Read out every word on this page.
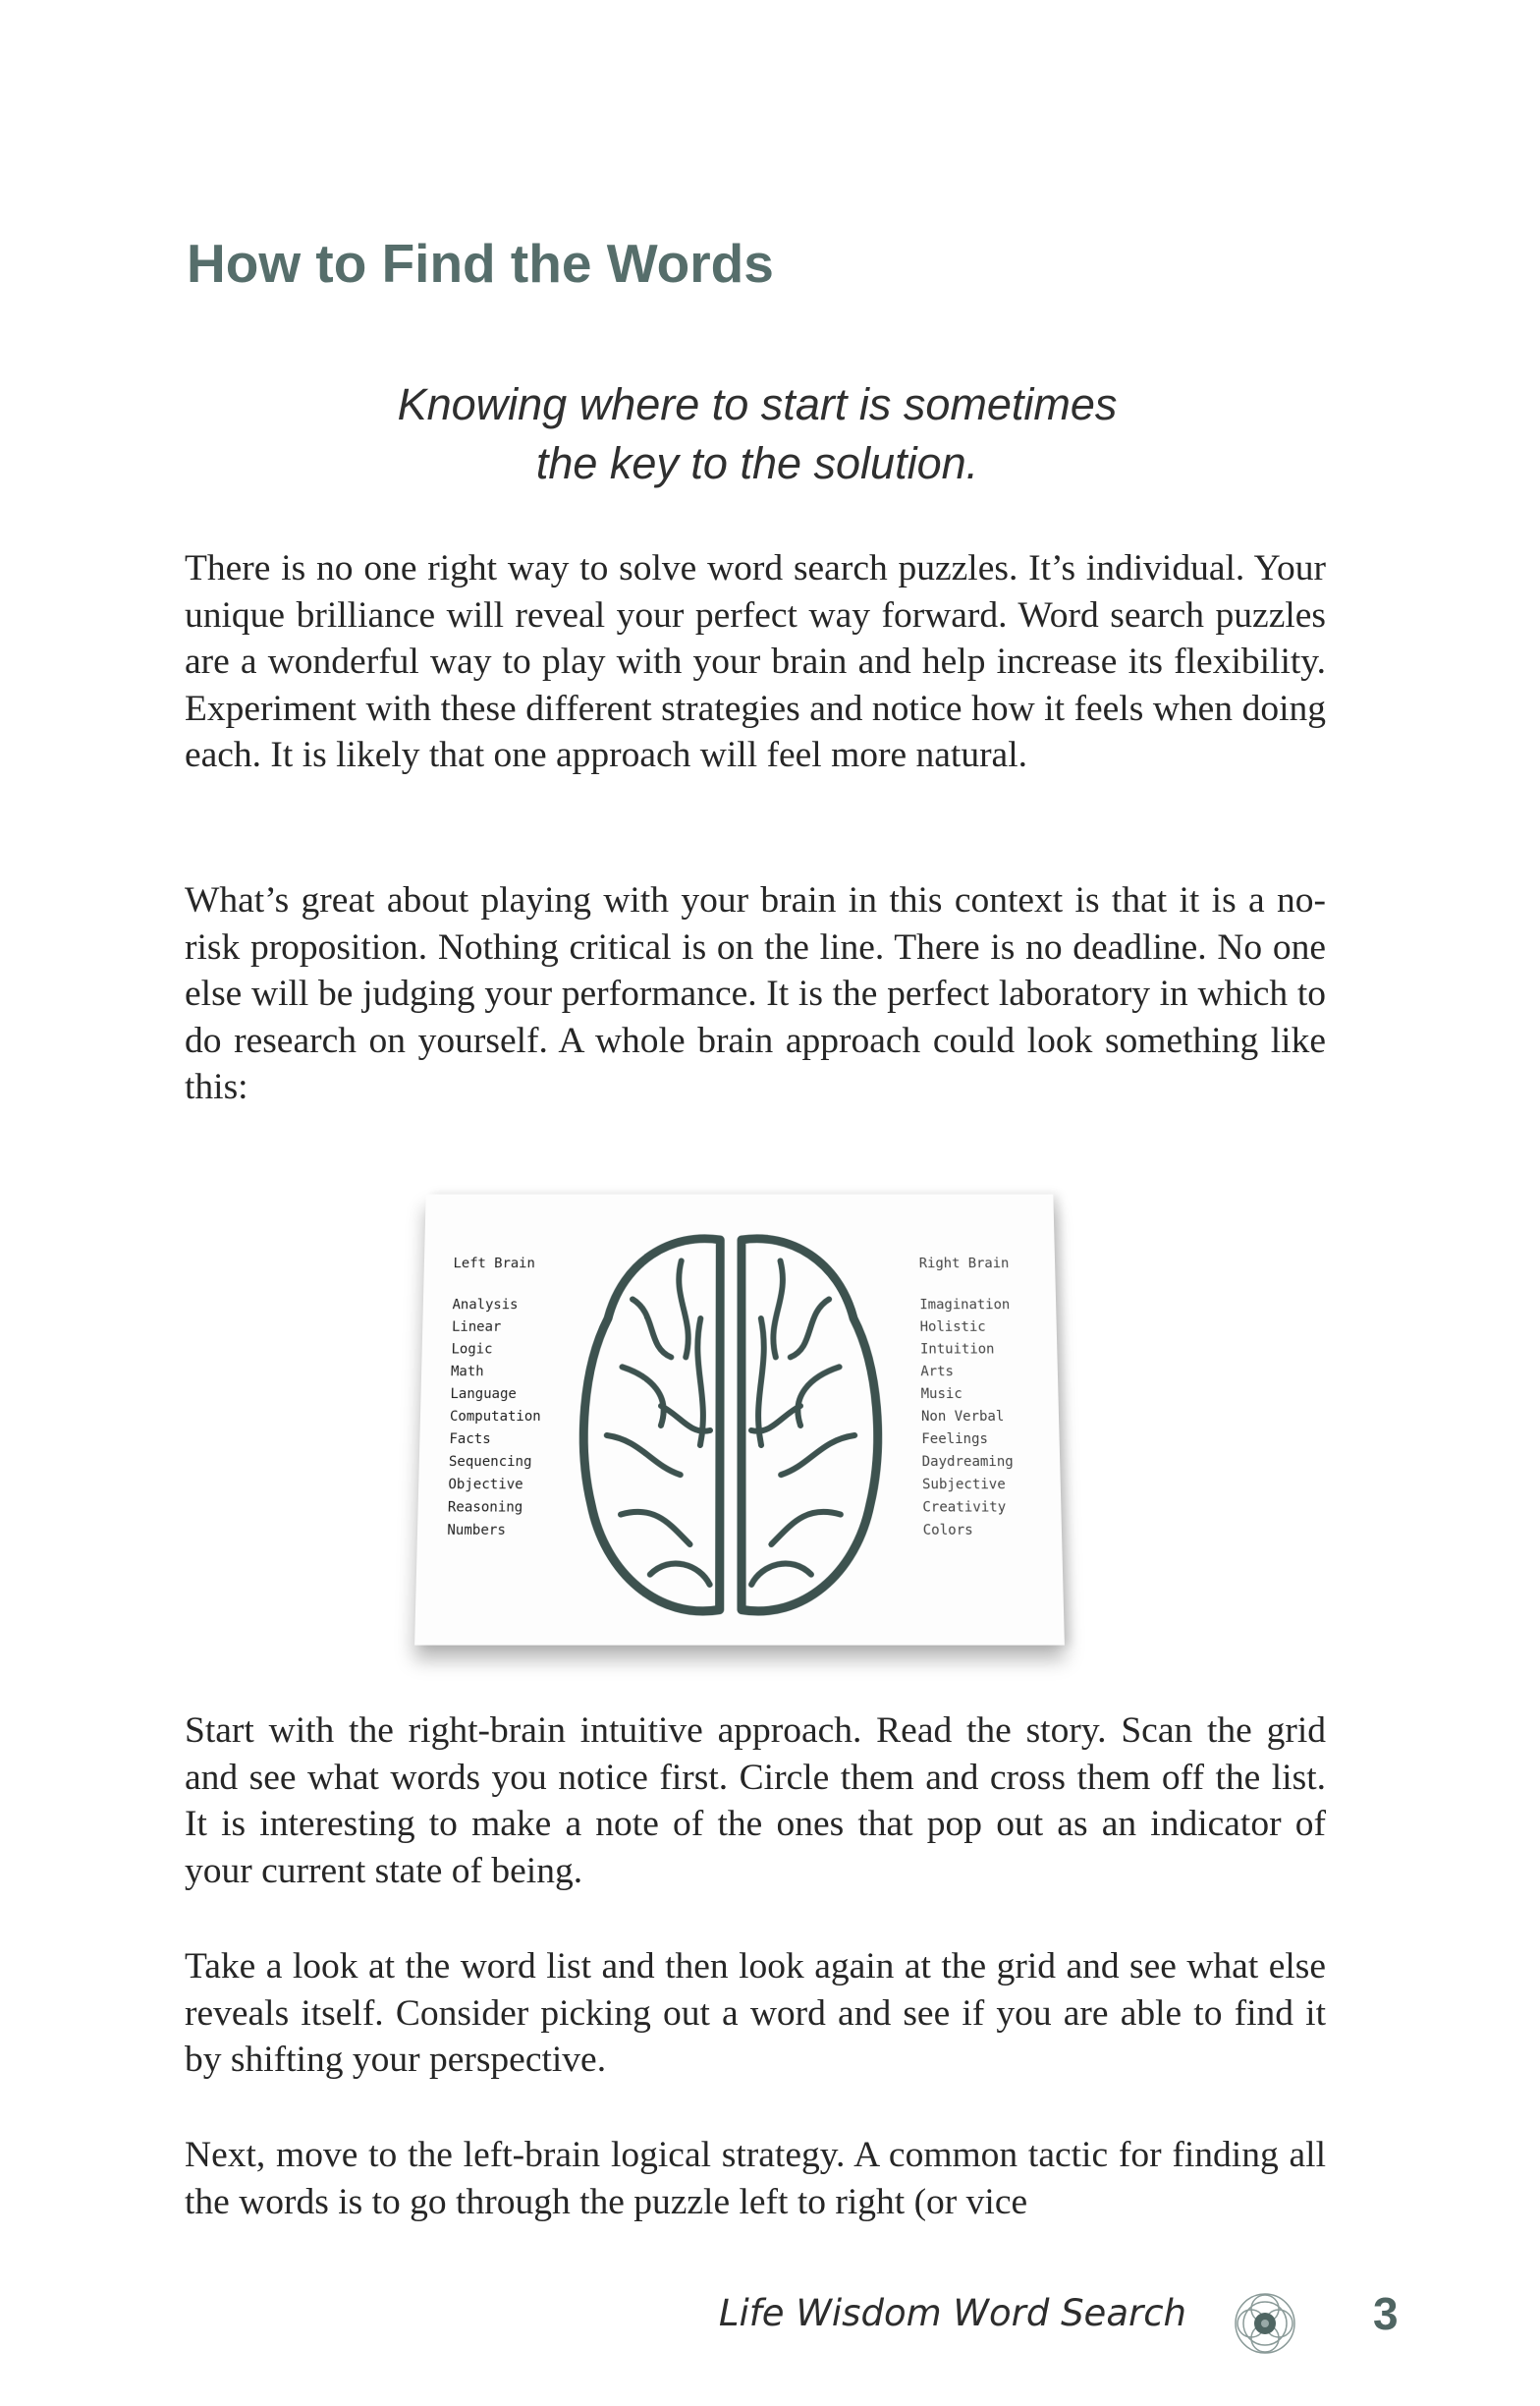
How to Find the Words
Knowing where to start is sometimes
the key to the solution.

There is no one right way to solve word search puzzles. It’s individual. Your unique brilliance will reveal your perfect way forward. Word search puzzles are a wonderful way to play with your brain and help increase its flexibility. Experiment with these different strategies and notice how it feels when doing each. It is likely that one approach will feel more natural.

What’s great about playing with your brain in this context is that it is a no-risk proposition. Nothing critical is on the line. There is no deadline. No one else will be judging your performance. It is the perfect laboratory in which to do research on yourself. A whole brain approach could look something like this:

Left Brain
Analysis
Linear
Logic
Math
Language
Computation
Facts
Sequencing
Objective
Reasoning
Numbers
Right Brain
Imagination
Holistic
Intuition
Arts
Music
Non Verbal
Feelings
Daydreaming
Subjective
Creativity
Colors

Start with the right-brain intuitive approach. Read the story. Scan the grid and see what words you notice first. Circle them and cross them off the list. It is interesting to make a note of the ones that pop out as an indicator of your current state of being.

Take a look at the word list and then look again at the grid and see what else reveals itself. Consider picking out a word and see if you are able to find it by shifting your perspective.

Next, move to the left-brain logical strategy. A common tactic for finding all the words is to go through the puzzle left to right (or vice

Life Wisdom Word Search	3
